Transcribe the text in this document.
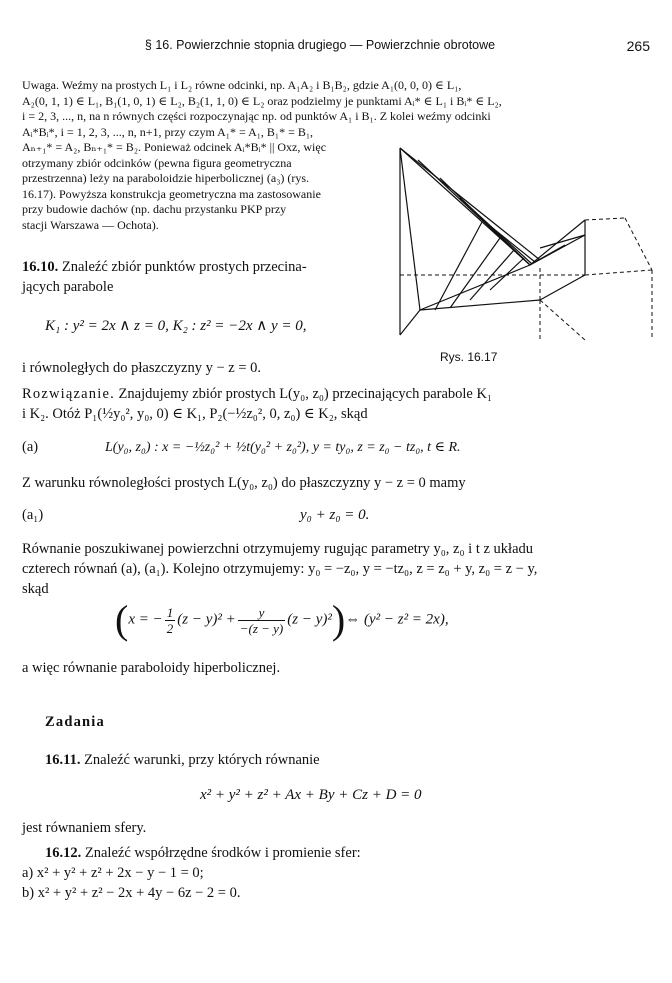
§ 16. Powierzchnie stopnia drugiego — Powierzchnie obrotowe	265

Uwaga. Weźmy na prostych L₁ i L₂ równe odcinki, np. A₁A₂ i B₁B₂, gdzie A₁(0, 0, 0) ∈ L₁,

A₂(0, 1, 1) ∈ L₁, B₁(1, 0, 1) ∈ L₂, B₂(1, 1, 0) ∈ L₂ oraz podzielmy je punktami Aᵢ* ∈ L₁ i Bᵢ* ∈ L₂,

i = 2, 3, ..., n, na n równych części rozpoczynając np. od punktów A₁ i B₁. Z kolei weźmy odcinki

Aᵢ*Bᵢ*, i = 1, 2, 3, ..., n, n+1, przy czym A₁* = A₁, B₁* = B₁,

Aₙ₊₁* = A₂, Bₙ₊₁* = B₂. Ponieważ odcinek Aᵢ*Bᵢ* || Oxz, więc

otrzymany zbiór odcinków (pewna figura geometryczna

przestrzenna) leży na paraboloidzie hiperbolicznej (a₃) (rys.

16.17). Powyższa konstrukcja geometryczna ma zastosowanie

przy budowie dachów (np. dachu przystanku PKP przy

stacji Warszawa — Ochota).

Rys. 16.17

16.10. Znaleźć zbiór punktów prostych przecina-

jących parabole

K₁ : y² = 2x ∧ z = 0, K₂ : z² = −2x ∧ y = 0,

i równoległych do płaszczyzny y − z = 0.

Rozwiązanie. Znajdujemy zbiór prostych L(y₀, z₀) przecinających parabole K₁

i K₂. Otóż P₁(½y₀², y₀, 0) ∈ K₁, P₂(−½z₀², 0, z₀) ∈ K₂, skąd

(a)	L(y₀, z₀) : x = −½z₀² + ½t(y₀² + z₀²), y = ty₀, z = z₀ − tz₀, t ∈ R.

Z warunku równoległości prostych L(y₀, z₀) do płaszczyzny y − z = 0 mamy

(a₁)	y₀ + z₀ = 0.

Równanie poszukiwanej powierzchni otrzymujemy rugując parametry y₀, z₀ i t z układu

czterech równań (a), (a₁). Kolejno otrzymujemy: y₀ = −z₀, y = −tz₀, z = z₀ + y, z₀ = z − y,

skąd

(x = − $\frac{1}{2} (z - y)^2 + \frac{y}{-(z - y)} (z$ − y)²)⇔ (y² − z² = 2x),

a więc równanie paraboloidy hiperbolicznej.

Zadania

16.11. Znaleźć warunki, przy których równanie

x² + y² + z² + Ax + By + Cz + D = 0

jest równaniem sfery.

16.12. Znaleźć współrzędne środków i promienie sfer:

a) x² + y² + z² + 2x − y − 1 = 0;

b) x² + y² + z² − 2x + 4y − 6z − 2 = 0.
